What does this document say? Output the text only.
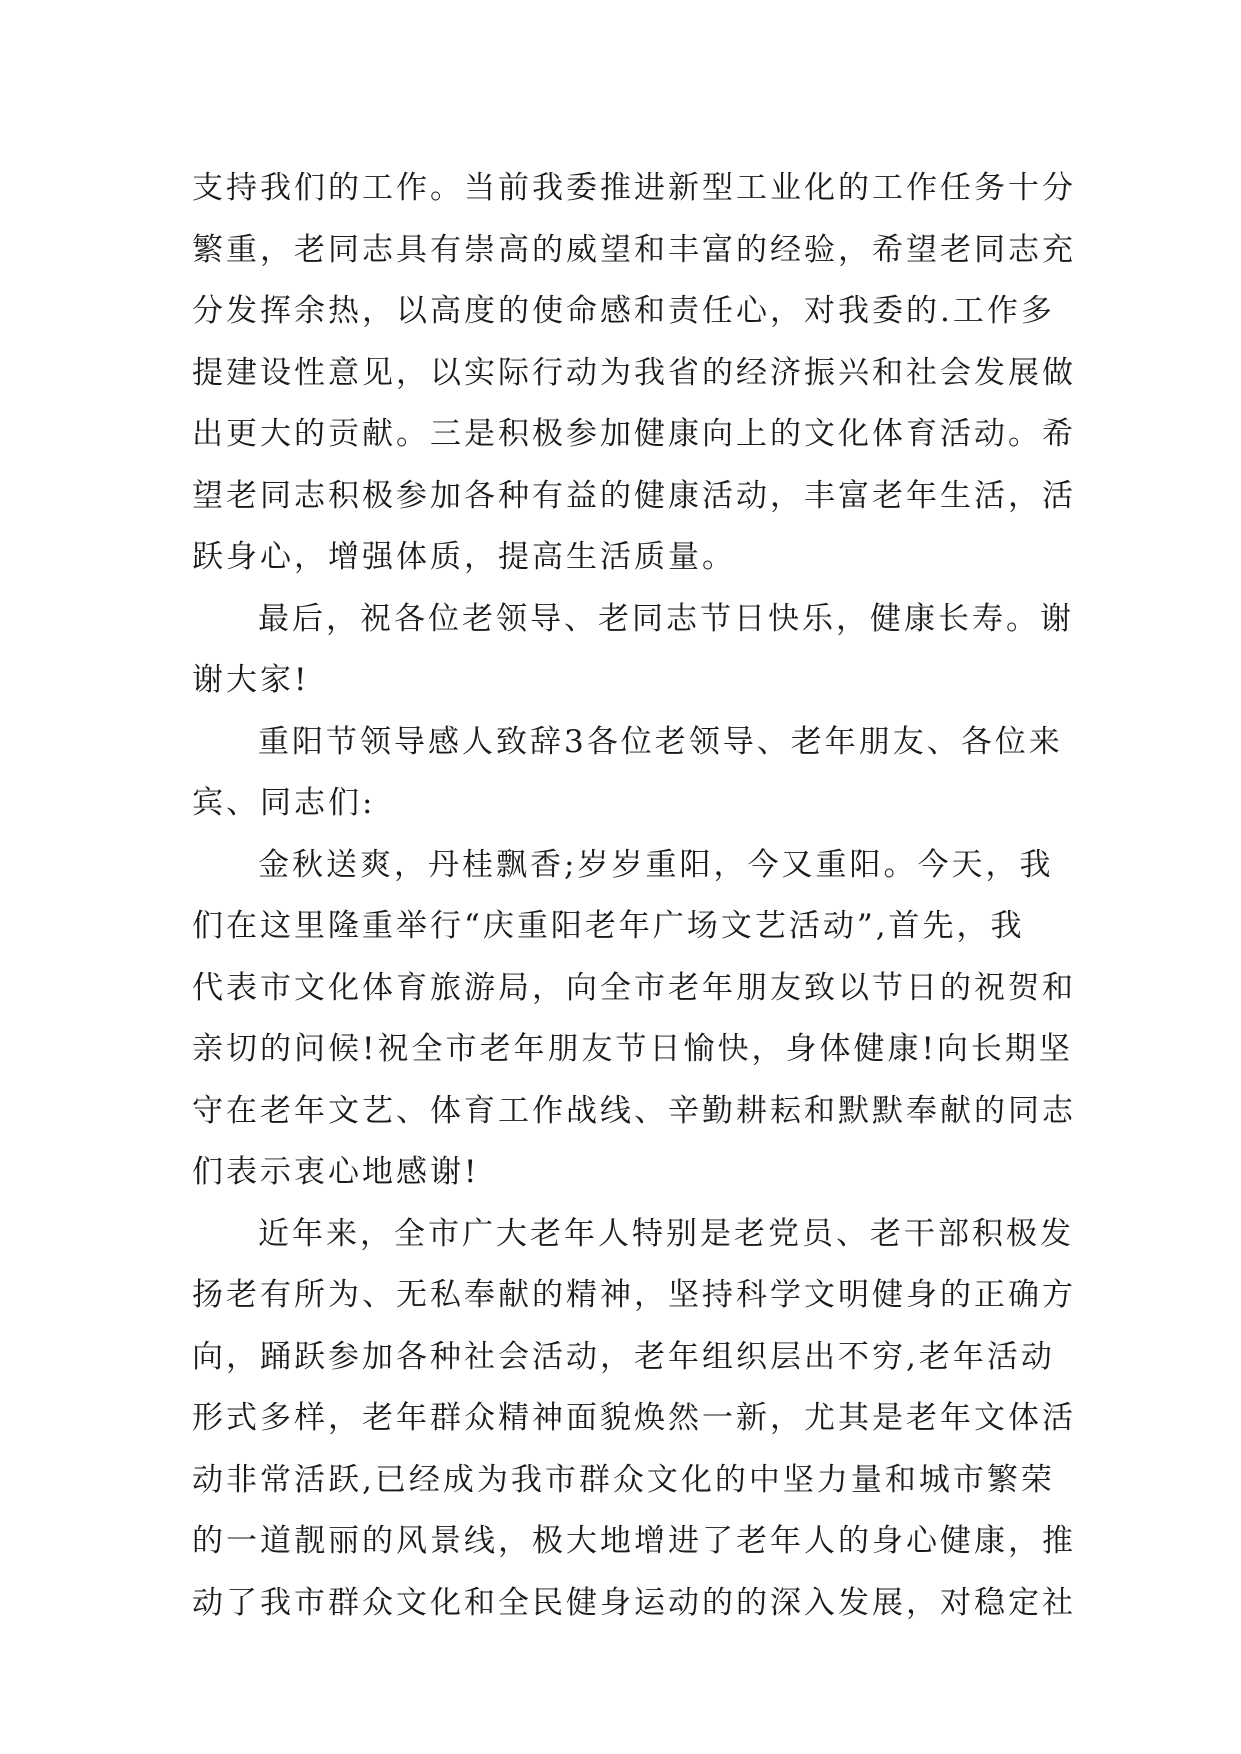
支持我们的工作。当前我委推进新型工业化的工作任务十分
繁重，老同志具有崇高的威望和丰富的经验，希望老同志充
分发挥余热，以高度的使命感和责任心，对我委的.工作多
提建设性意见，以实际行动为我省的经济振兴和社会发展做
出更大的贡献。三是积极参加健康向上的文化体育活动。希
望老同志积极参加各种有益的健康活动，丰富老年生活，活
跃身心，增强体质，提高生活质量。
最后，祝各位老领导、老同志节日快乐，健康长寿。谢
谢大家!
重阳节领导感人致辞3各位老领导、老年朋友、各位来
宾、同志们:
金秋送爽，丹桂飘香;岁岁重阳，今又重阳。今天，我
们在这里隆重举行“庆重阳老年广场文艺活动”,首先，我
代表市文化体育旅游局，向全市老年朋友致以节日的祝贺和
亲切的问候!祝全市老年朋友节日愉快，身体健康!向长期坚
守在老年文艺、体育工作战线、辛勤耕耘和默默奉献的同志
们表示衷心地感谢!
近年来，全市广大老年人特别是老党员、老干部积极发
扬老有所为、无私奉献的精神，坚持科学文明健身的正确方
向，踊跃参加各种社会活动，老年组织层出不穷,老年活动
形式多样，老年群众精神面貌焕然一新，尤其是老年文体活
动非常活跃,已经成为我市群众文化的中坚力量和城市繁荣
的一道靓丽的风景线，极大地增进了老年人的身心健康，推
动了我市群众文化和全民健身运动的的深入发展，对稳定社
